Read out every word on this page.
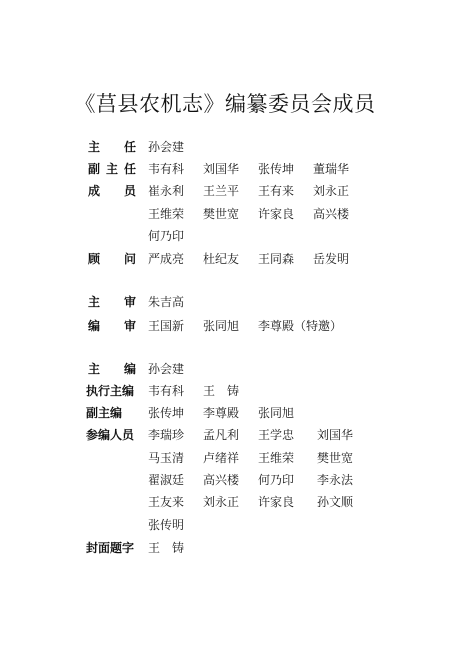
《莒县农机志》编纂委员会成员
主 任 孙会建
副 主 任 韦有科 刘国华 张传坤 董瑞华
成 员 崔永利 王兰平 王有来 刘永正
王维荣 樊世宽 许家良 高兴楼
何乃印
顾 问 严成亮 杜纪友 王同森 岳发明
主 审 朱吉高
编 审 王国新 张同旭 李尊殿（特邀）
主 编 孙会建
执行主编 韦有科 王　铸
副主编 张传坤 李尊殿 张同旭
参编人员 李瑞珍 孟凡利 王学忠 刘国华
马玉清 卢绪祥 王维荣 樊世宽
翟淑廷 高兴楼 何乃印 李永法
王友来 刘永正 许家良 孙文顺
张传明
封面题字 王　铸
